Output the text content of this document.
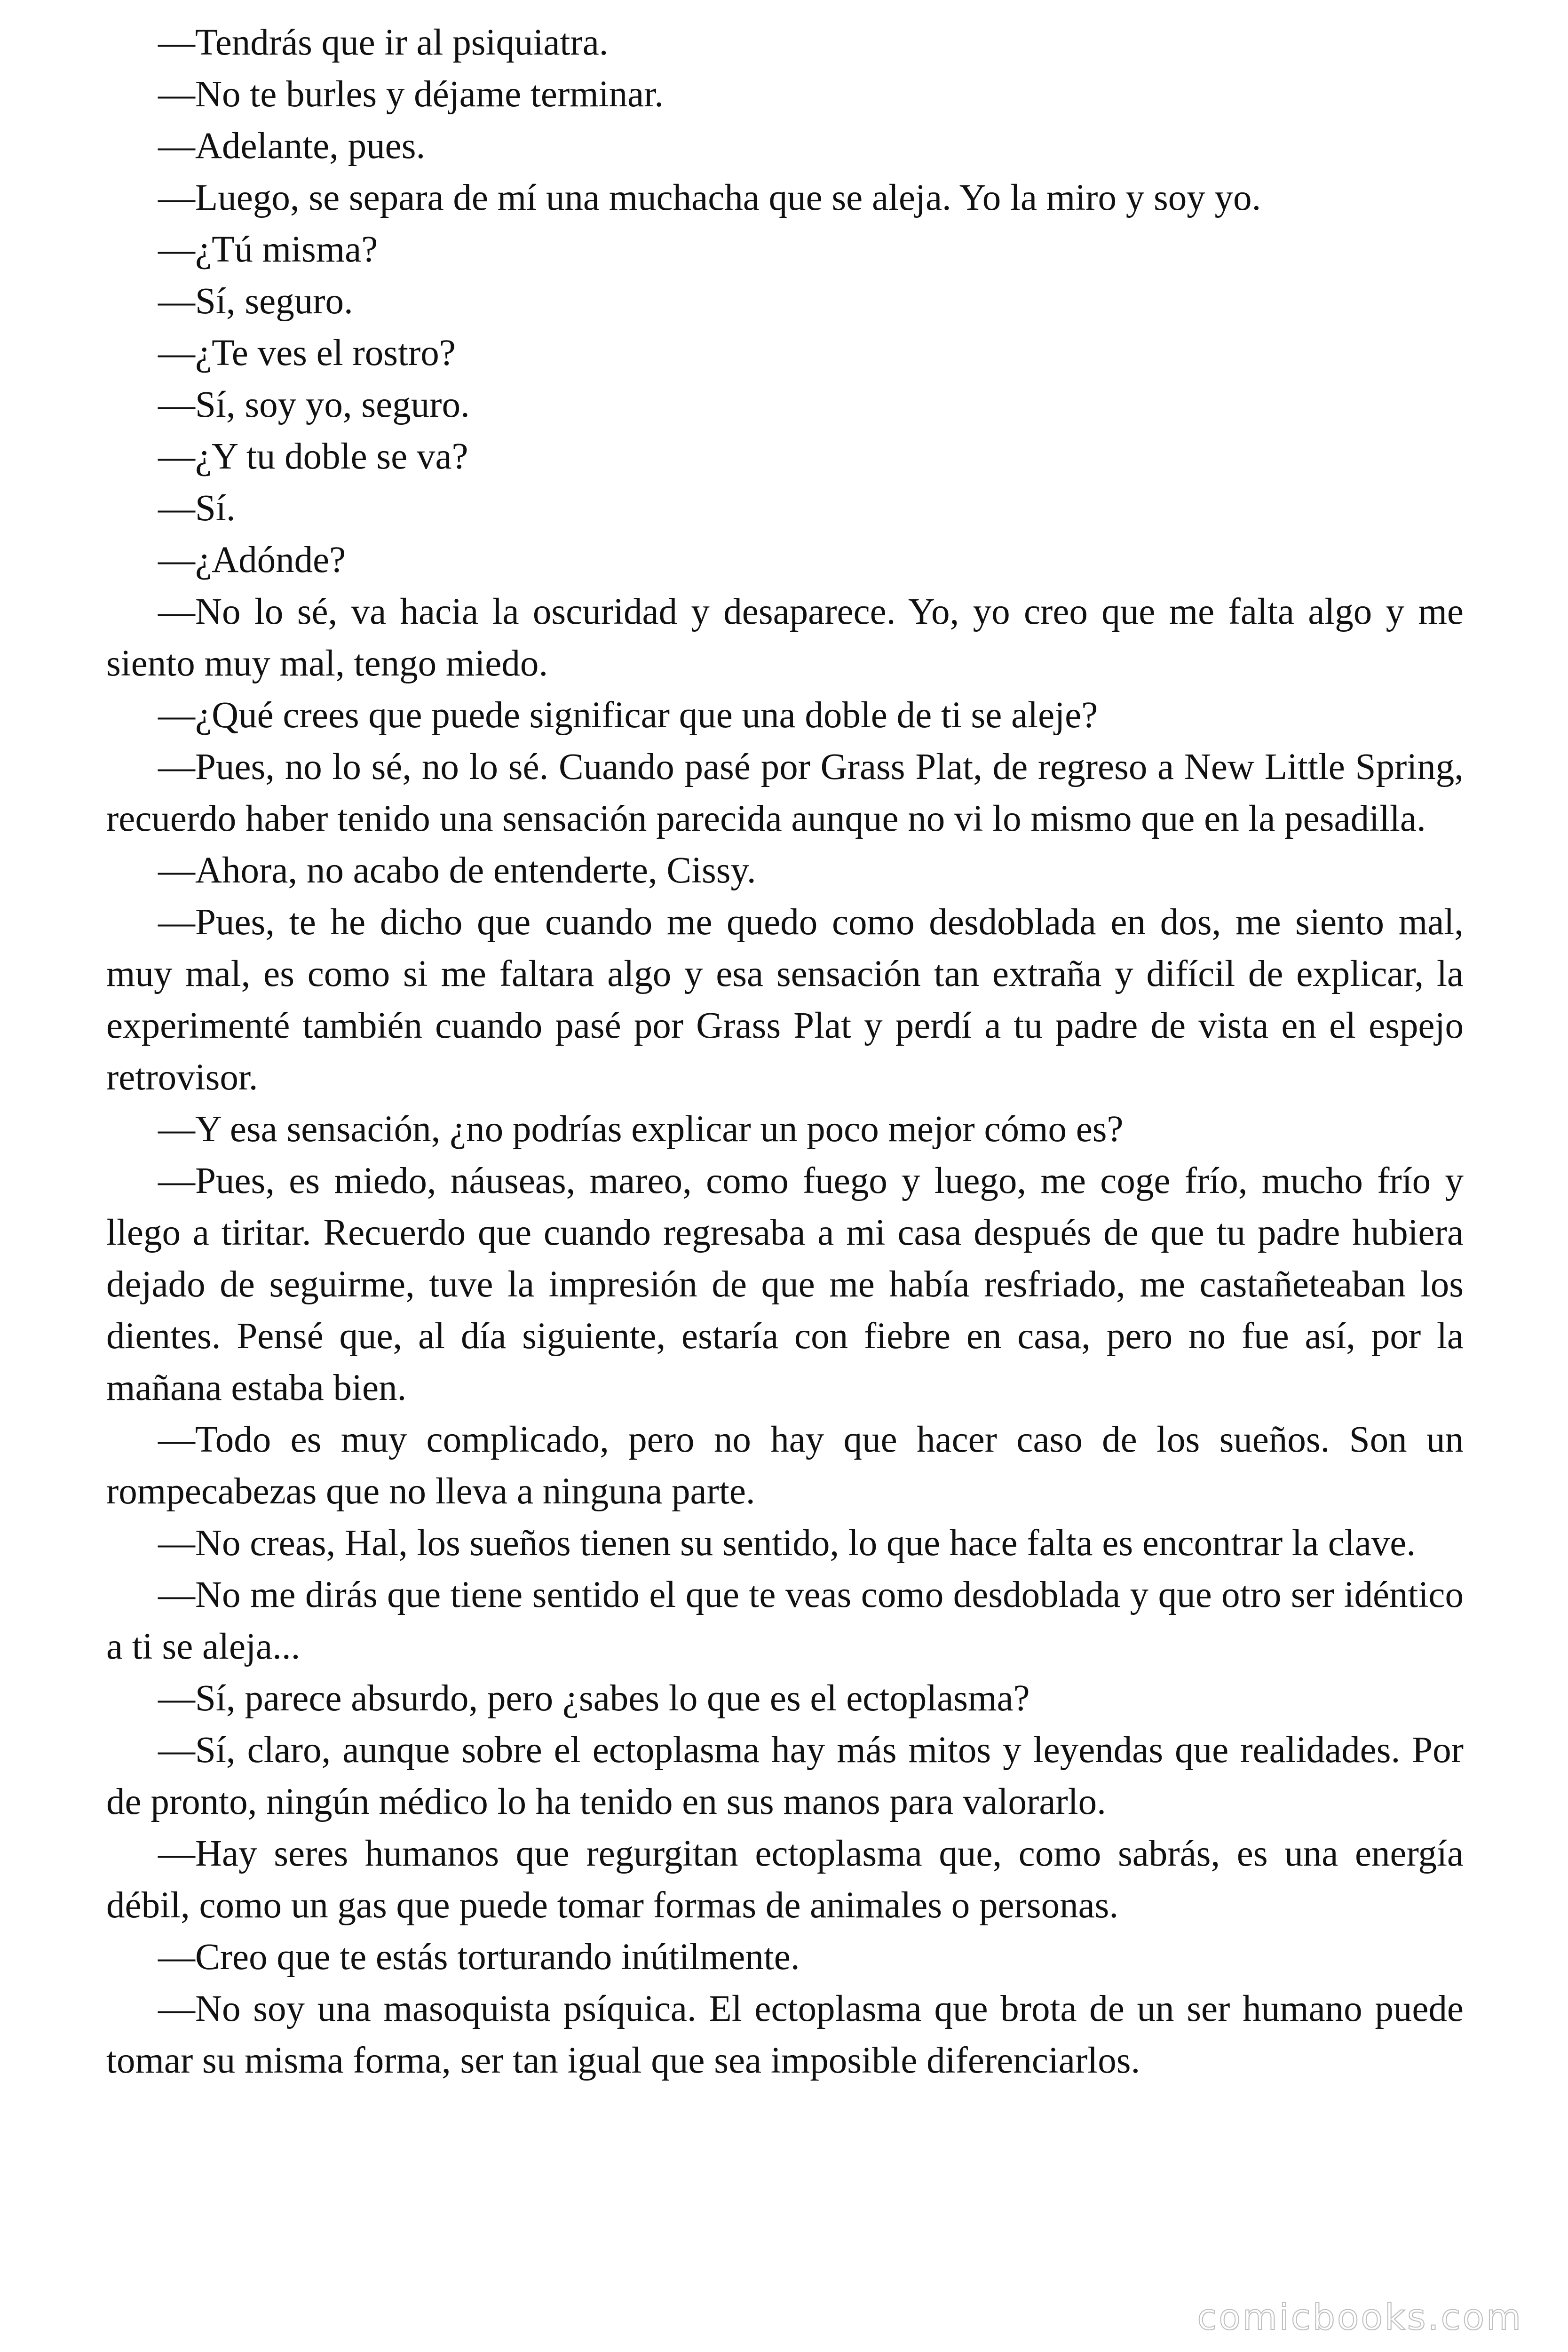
—Tendrás que ir al psiquiatra.

—No te burles y déjame terminar.

—Adelante, pues.

—Luego, se separa de mí una muchacha que se aleja. Yo la miro y soy yo.

—¿Tú misma?

—Sí, seguro.

—¿Te ves el rostro?

—Sí, soy yo, seguro.

—¿Y tu doble se va?

—Sí.

—¿Adónde?

—No lo sé, va hacia la oscuridad y desaparece. Yo, yo creo que me falta algo y me siento muy mal, tengo miedo.

—¿Qué crees que puede significar que una doble de ti se aleje?

—Pues, no lo sé, no lo sé. Cuando pasé por Grass Plat, de regreso a New Little Spring, recuerdo haber tenido una sensación parecida aunque no vi lo mismo que en la pesadilla.

—Ahora, no acabo de entenderte, Cissy.

—Pues, te he dicho que cuando me quedo como desdoblada en dos, me siento mal, muy mal, es como si me faltara algo y esa sensación tan extraña y difícil de explicar, la experimenté también cuando pasé por Grass Plat y perdí a tu padre de vista en el espejo retrovisor.

—Y esa sensación, ¿no podrías explicar un poco mejor cómo es?

—Pues, es miedo, náuseas, mareo, como fuego y luego, me coge frío, mucho frío y llego a tiritar. Recuerdo que cuando regresaba a mi casa después de que tu padre hubiera dejado de seguirme, tuve la impresión de que me había resfriado, me castañeteaban los dientes. Pensé que, al día siguiente, estaría con fiebre en casa, pero no fue así, por la mañana estaba bien.

—Todo es muy complicado, pero no hay que hacer caso de los sueños. Son un rompecabezas que no lleva a ninguna parte.

—No creas, Hal, los sueños tienen su sentido, lo que hace falta es encontrar la clave.

—No me dirás que tiene sentido el que te veas como desdoblada y que otro ser idéntico a ti se aleja...

—Sí, parece absurdo, pero ¿sabes lo que es el ectoplasma?

—Sí, claro, aunque sobre el ectoplasma hay más mitos y leyendas que realidades. Por de pronto, ningún médico lo ha tenido en sus manos para valorarlo.

—Hay seres humanos que regurgitan ectoplasma que, como sabrás, es una energía débil, como un gas que puede tomar formas de animales o personas.

—Creo que te estás torturando inútilmente.

—No soy una masoquista psíquica. El ectoplasma que brota de un ser humano puede tomar su misma forma, ser tan igual que sea imposible diferenciarlos.

comicbooks.com
